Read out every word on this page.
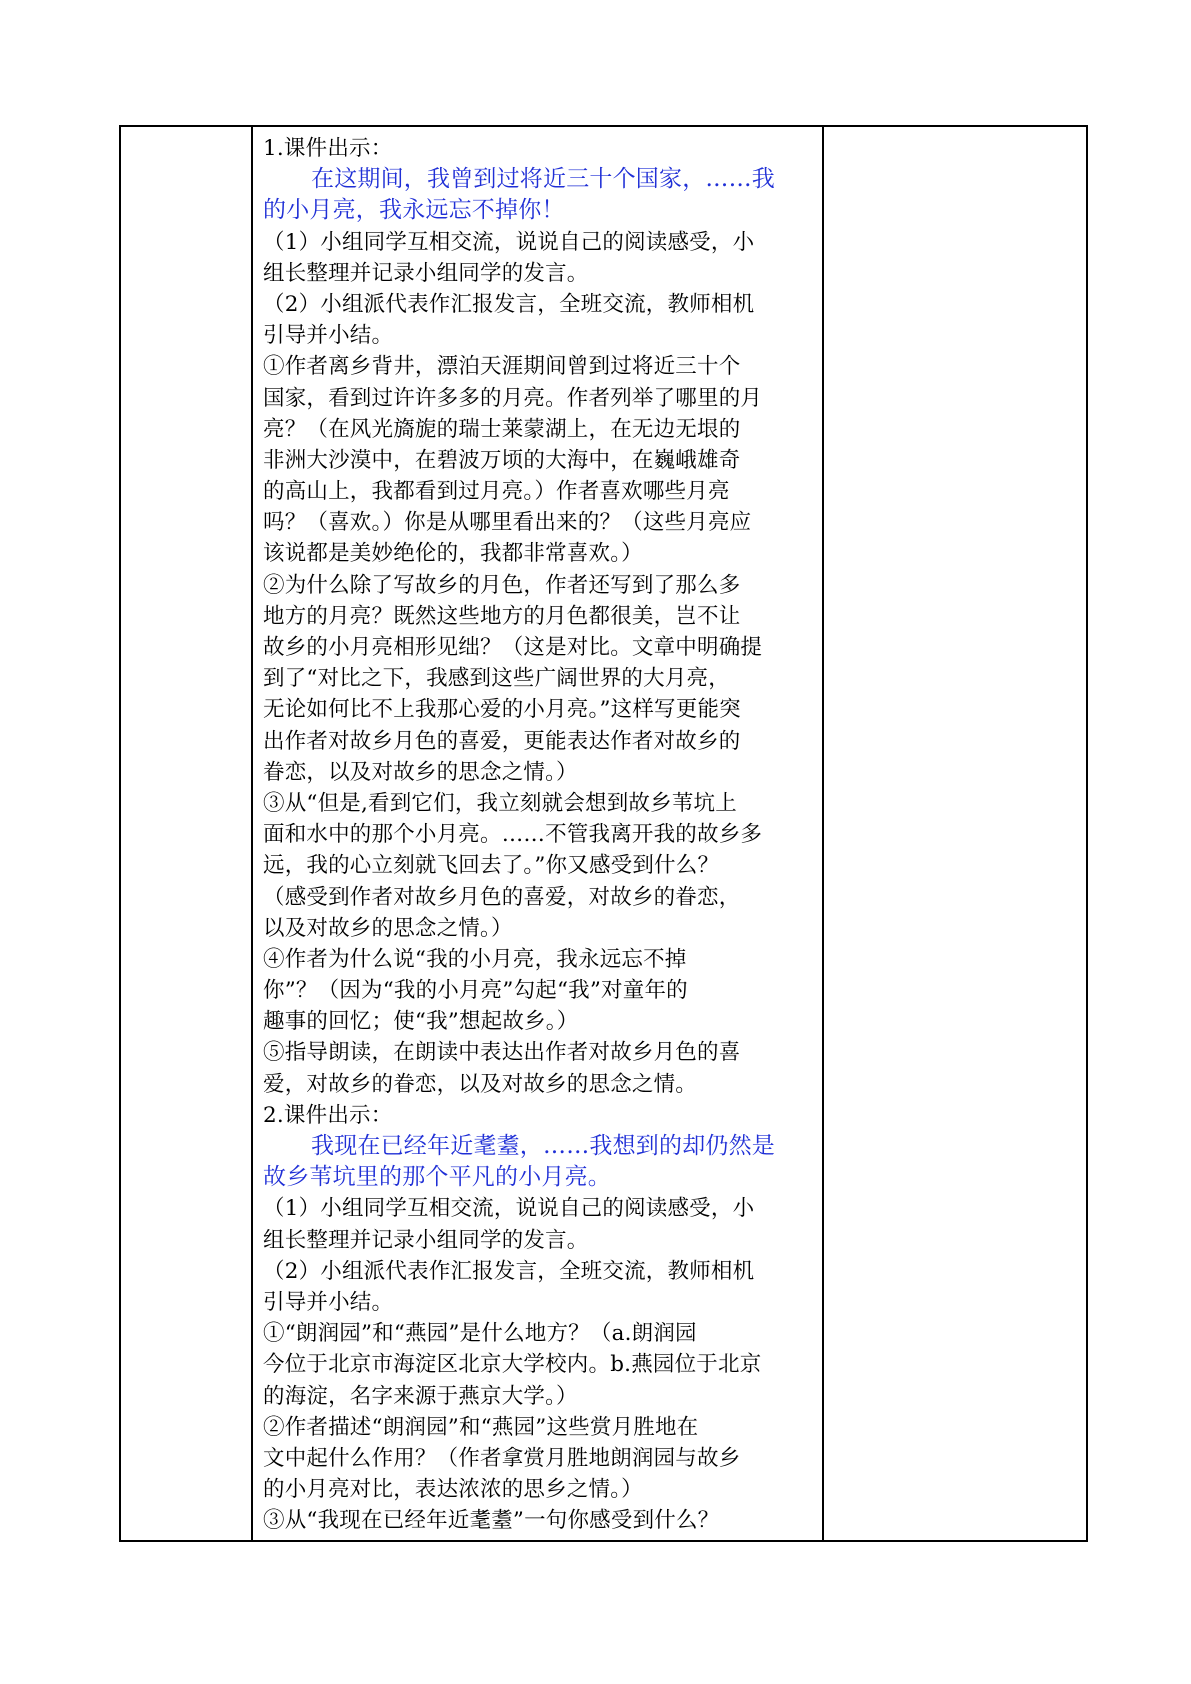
1.课件出示：
在这期间，我曾到过将近三十个国家，……我
的小月亮，我永远忘不掉你！
（1）小组同学互相交流，说说自己的阅读感受，小
组长整理并记录小组同学的发言。
（2）小组派代表作汇报发言，全班交流，教师相机
引导并小结。
①作者离乡背井，漂泊天涯期间曾到过将近三十个
国家，看到过许许多多的月亮。作者列举了哪里的月
亮？（在风光旖旎的瑞士莱蒙湖上，在无边无垠的
非洲大沙漠中，在碧波万顷的大海中，在巍峨雄奇
的高山上，我都看到过月亮。）作者喜欢哪些月亮
吗？（喜欢。）你是从哪里看出来的？（这些月亮应
该说都是美妙绝伦的，我都非常喜欢。）
②为什么除了写故乡的月色，作者还写到了那么多
地方的月亮？既然这些地方的月色都很美，岂不让
故乡的小月亮相形见绌？（这是对比。文章中明确提
到了“对比之下，我感到这些广阔世界的大月亮，
无论如何比不上我那心爱的小月亮。”这样写更能突
出作者对故乡月色的喜爱，更能表达作者对故乡的
眷恋，以及对故乡的思念之情。）
③从“但是,看到它们，我立刻就会想到故乡苇坑上
面和水中的那个小月亮。……不管我离开我的故乡多
远，我的心立刻就飞回去了。”你又感受到什么？
（感受到作者对故乡月色的喜爱，对故乡的眷恋，
以及对故乡的思念之情。）
④作者为什么说“我的小月亮，我永远忘不掉
你”？（因为“我的小月亮”勾起“我”对童年的
趣事的回忆；使“我”想起故乡。）
⑤指导朗读，在朗读中表达出作者对故乡月色的喜
爱，对故乡的眷恋，以及对故乡的思念之情。
2.课件出示：
我现在已经年近耄耋，……我想到的却仍然是
故乡苇坑里的那个平凡的小月亮。
（1）小组同学互相交流，说说自己的阅读感受，小
组长整理并记录小组同学的发言。
（2）小组派代表作汇报发言，全班交流，教师相机
引导并小结。
①“朗润园”和“燕园”是什么地方？（a.朗润园
今位于北京市海淀区北京大学校内。b.燕园位于北京
的海淀，名字来源于燕京大学。）
②作者描述“朗润园”和“燕园”这些赏月胜地在
文中起什么作用？（作者拿赏月胜地朗润园与故乡
的小月亮对比，表达浓浓的思乡之情。）
③从“我现在已经年近耄耋”一句你感受到什么？
